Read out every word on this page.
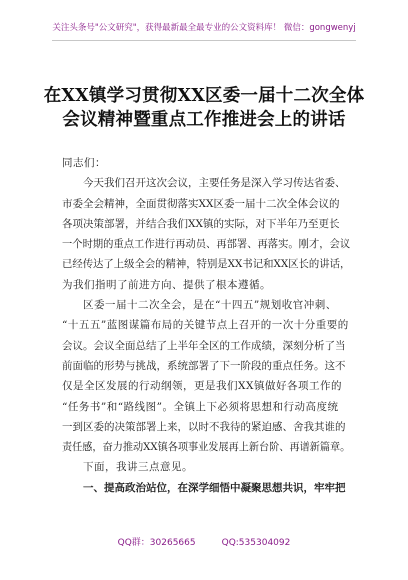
关注头条号"公文研究"，获得最新最全最专业的公文资料库！ 微信：gongwenyj
在XX镇学习贯彻XX区委一届十二次全体
会议精神暨重点工作推进会上的讲话
同志们：
今天我们召开这次会议，主要任务是深入学习传达省委、
市委全会精神，全面贯彻落实XX区委一届十二次全体会议的
各项决策部署，并结合我们XX镇的实际，对下半年乃至更长
一个时期的重点工作进行再动员、再部署、再落实。刚才，会议
已经传达了上级全会的精神，特别是XX书记和XX区长的讲话，
为我们指明了前进方向、提供了根本遵循。
区委一届十二次全会，是在“十四五”规划收官冲刺、
“十五五”蓝图谋篇布局的关键节点上召开的一次十分重要的
会议。会议全面总结了上半年全区的工作成绩，深刻分析了当
前面临的形势与挑战，系统部署了下一阶段的重点任务。这不
仅是全区发展的行动纲领，更是我们XX镇做好各项工作的
“任务书”和“路线图”。全镇上下必须将思想和行动高度统
一到区委的决策部署上来，以时不我待的紧迫感、舍我其谁的
责任感，奋力推动XX镇各项事业发展再上新台阶、再谱新篇章。
下面，我讲三点意见。
一、提高政治站位，在深学细悟中凝聚思想共识，牢牢把
QQ群：30265665	QQ:535304092
